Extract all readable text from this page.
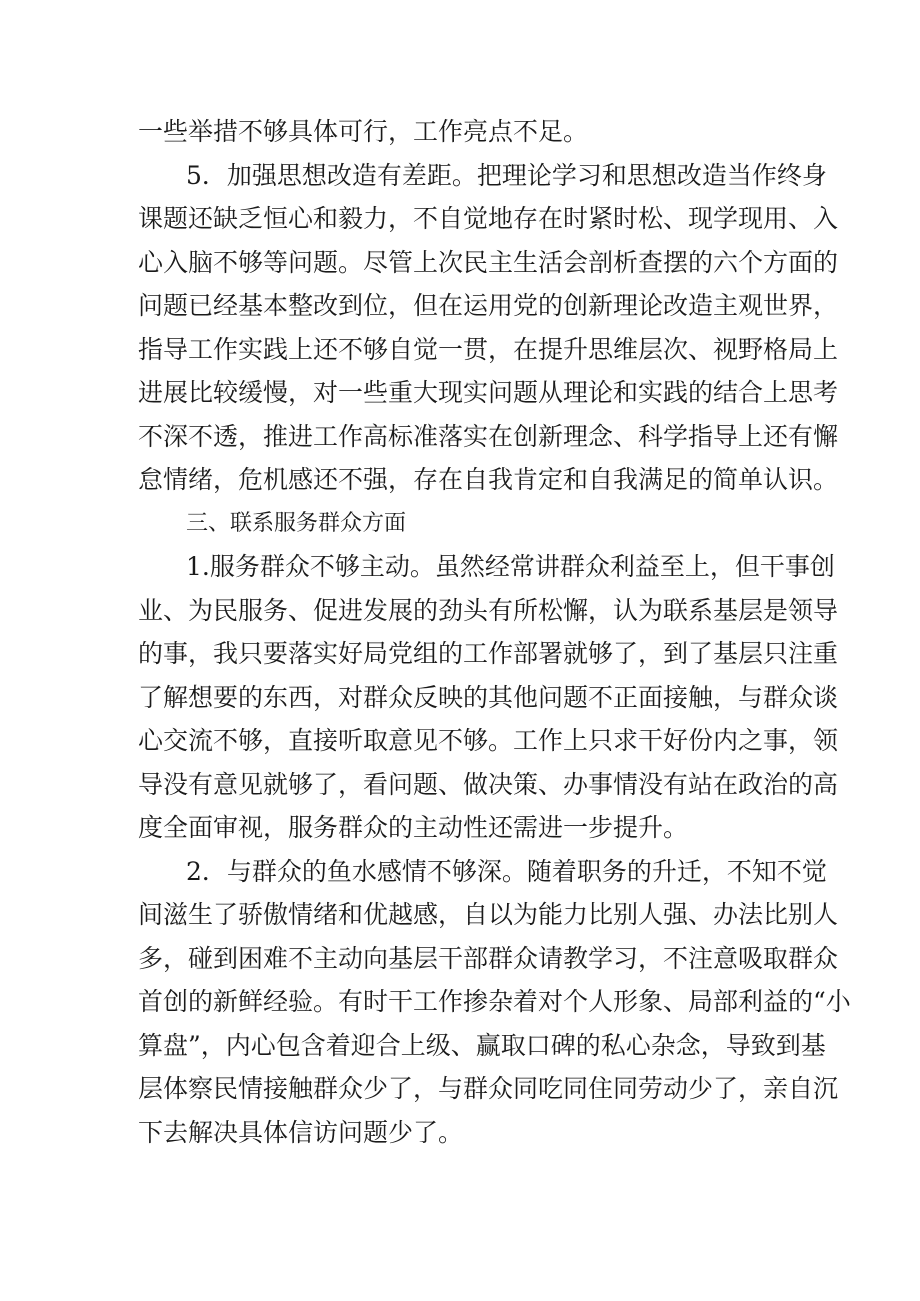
一些举措不够具体可行，工作亮点不足。
5．加强思想改造有差距。把理论学习和思想改造当作终身
课题还缺乏恒心和毅力，不自觉地存在时紧时松、现学现用、入
心入脑不够等问题。尽管上次民主生活会剖析查摆的六个方面的
问题已经基本整改到位，但在运用党的创新理论改造主观世界，
指导工作实践上还不够自觉一贯，在提升思维层次、视野格局上
进展比较缓慢，对一些重大现实问题从理论和实践的结合上思考
不深不透，推进工作高标准落实在创新理念、科学指导上还有懈
怠情绪，危机感还不强，存在自我肯定和自我满足的简单认识。
三、联系服务群众方面
1.服务群众不够主动。虽然经常讲群众利益至上，但干事创
业、为民服务、促进发展的劲头有所松懈，认为联系基层是领导
的事，我只要落实好局党组的工作部署就够了，到了基层只注重
了解想要的东西，对群众反映的其他问题不正面接触，与群众谈
心交流不够，直接听取意见不够。工作上只求干好份内之事，领
导没有意见就够了，看问题、做决策、办事情没有站在政治的高
度全面审视，服务群众的主动性还需进一步提升。
2．与群众的鱼水感情不够深。随着职务的升迁，不知不觉
间滋生了骄傲情绪和优越感，自以为能力比别人强、办法比别人
多，碰到困难不主动向基层干部群众请教学习，不注意吸取群众
首创的新鲜经验。有时干工作掺杂着对个人形象、局部利益的“小
算盘”，内心包含着迎合上级、赢取口碑的私心杂念，导致到基
层体察民情接触群众少了，与群众同吃同住同劳动少了，亲自沉
下去解决具体信访问题少了。
